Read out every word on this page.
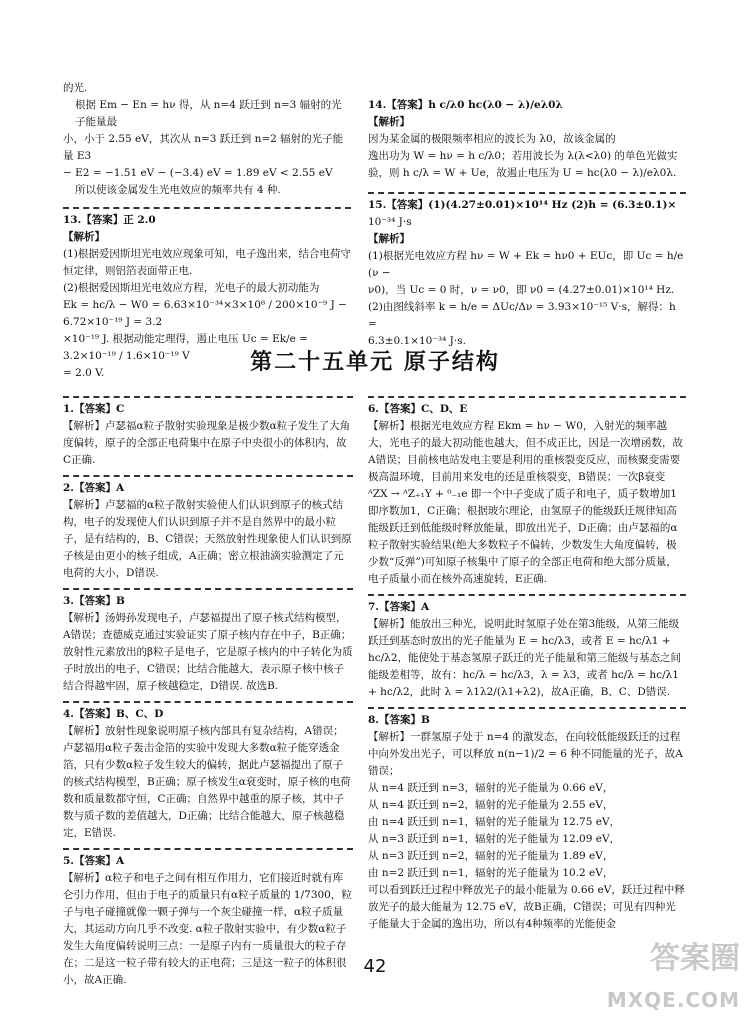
的光.

根据 Em − En = hν 得，从 n=4 跃迁到 n=3 辐射的光子能量最

小，小于 2.55 eV，其次从 n=3 跃迁到 n=2 辐射的光子能量 E3

− E2 = −1.51 eV − (−3.4) eV = 1.89 eV < 2.55 eV

所以使该金属发生光电效应的频率共有 4 种.

13.【答案】正 2.0

【解析】

(1)根据爱因斯坦光电效应现象可知，电子逸出来，结合电荷守

恒定律，则铝箔表面带正电.

(2)根据爱因斯坦光电效应方程，光电子的最大初动能为

Ek = hc/λ − W0 = 6.63×10⁻³⁴×3×10⁸ / 200×10⁻⁹ J − 6.72×10⁻¹⁹ J = 3.2

×10⁻¹⁹ J. 根据动能定理得，遏止电压 Uc = Ek/e = 3.2×10⁻¹⁹ / 1.6×10⁻¹⁹ V

= 2.0 V.

14.【答案】h c/λ0 hc(λ0 − λ)/eλ0λ

【解析】

因为某金属的极限频率相应的波长为 λ0，故该金属的

逸出功为 W = hν = h c/λ0；若用波长为 λ(λ<λ0) 的单色光做实

验，则 h c/λ = W + Ue，故遏止电压为 U = hc(λ0 − λ)/eλ0λ.

15.【答案】(1)(4.27±0.01)×10¹⁴ Hz (2)h = (6.3±0.1)×

10⁻³⁴ J·s

【解析】

(1)根据光电效应方程 hν = W + Ek = hν0 + EUc，即 Uc = h/e (ν −

ν0)，当 Uc = 0 时，ν = ν0，即 ν0 = (4.27±0.01)×10¹⁴ Hz.

(2)由图线斜率 k = h/e = ΔUc/Δν = 3.93×10⁻¹⁵ V·s，解得：h =

6.3±0.1×10⁻³⁴ J·s.

第二十五单元 原子结构

1.【答案】C

【解析】卢瑟福α粒子散射实验现象是极少数α粒子发生了大角度偏转，原子的全部正电荷集中在原子中央很小的体积内，故C正确.

2.【答案】A

【解析】卢瑟福的α粒子散射实验使人们认识到原子的核式结构，电子的发现使人们认识到原子并不是自然界中的最小粒子，是有结构的，B、C错误；天然放射性现象使人们认识到原子核是由更小的核子组成，A正确；密立根油滴实验测定了元电荷的大小，D错误.

3.【答案】B

【解析】汤姆孙发现电子，卢瑟福提出了原子核式结构模型，A错误；查德威克通过实验证实了原子核内存在中子，B正确；放射性元素放出的β粒子是电子，它是原子核内的中子转化为质子时放出的电子，C错误；比结合能越大，表示原子核中核子结合得越牢固，原子核越稳定，D错误. 故选B.

4.【答案】B、C、D

【解析】放射性现象说明原子核内部具有复杂结构，A错误；卢瑟福用α粒子轰击金箔的实验中发现大多数α粒子能穿透金箔，只有少数α粒子发生较大的偏转，据此卢瑟福提出了原子的核式结构模型，B正确；原子核发生α衰变时，原子核的电荷数和质量数都守恒，C正确；自然界中越重的原子核，其中子数与质子数的差值越大，D正确；比结合能越大，原子核越稳定，E错误.

5.【答案】A

【解析】α粒子和电子之间有相互作用力，它们接近时就有库仑引力作用，但由于电子的质量只有α粒子质量的 1/7300，粒子与电子碰撞就像一颗子弹与一个灰尘碰撞一样，α粒子质量大，其运动方向几乎不改变. α粒子散射实验中，有少数α粒子发生大角度偏转说明三点：一是原子内有一质量很大的粒子存在；二是这一粒子带有较大的正电荷；三是这一粒子的体积很小，故A正确.

6.【答案】C、D、E

【解析】根据光电效应方程 Ekm = hν − W0，入射光的频率越大，光电子的最大初动能也越大，但不成正比，因是一次增函数，故A错误；目前核电站发电主要是利用的重核裂变反应，而核聚变需要极高温环境，目前用来发电的还是重核裂变，B错误；一次β衰变 ᴬZX → ᴬZ₊₁Y + ⁰₋₁e 即一个中子变成了质子和电子，质子数增加1即序数加1，C正确；根据玻尔理论，由氢原子的能级跃迁规律知高能级跃迁到低能级时释放能量，即放出光子，D正确；由卢瑟福的α粒子散射实验结果(绝大多数粒子不偏转，少数发生大角度偏转，极少数“反弹”)可知原子核集中了原子的全部正电荷和绝大部分质量，电子质量小而在核外高速旋转，E正确.

7.【答案】A

【解析】能放出三种光，说明此时氢原子处在第3能级，从第三能级跃迁到基态时放出的光子能量为 E = hc/λ3，或者 E = hc/λ1 + hc/λ2，能使处于基态氢原子跃迁的光子能量和第三能级与基态之间能级差相等，故有：hc/λ = hc/λ3，λ = λ3，或者 hc/λ = hc/λ1 + hc/λ2，此时 λ = λ1λ2/(λ1+λ2)，故A正确，B、C、D错误.

8.【答案】B

【解析】一群氢原子处于 n=4 的激发态，在向较低能级跃迁的过程中向外发出光子，可以释放 n(n−1)/2 = 6 种不同能量的光子，故A错误；

从 n=4 跃迁到 n=3，辐射的光子能量为 0.66 eV，

从 n=4 跃迁到 n=2，辐射的光子能量为 2.55 eV，

由 n=4 跃迁到 n=1，辐射的光子能量为 12.75 eV，

从 n=3 跃迁到 n=1，辐射的光子能量为 12.09 eV，

从 n=3 跃迁到 n=2，辐射的光子能量为 1.89 eV，

由 n=2 跃迁到 n=1，辐射的光子能量为 10.2 eV，

可以看到跃迁过程中释放光子的最小能量为 0.66 eV，跃迁过程中释放光子的最大能量为 12.75 eV，故B正确，C错误；可见有四种光子能量大于金属的逸出功，所以有4种频率的光能使金

42	答案圈
MXQE.COM
